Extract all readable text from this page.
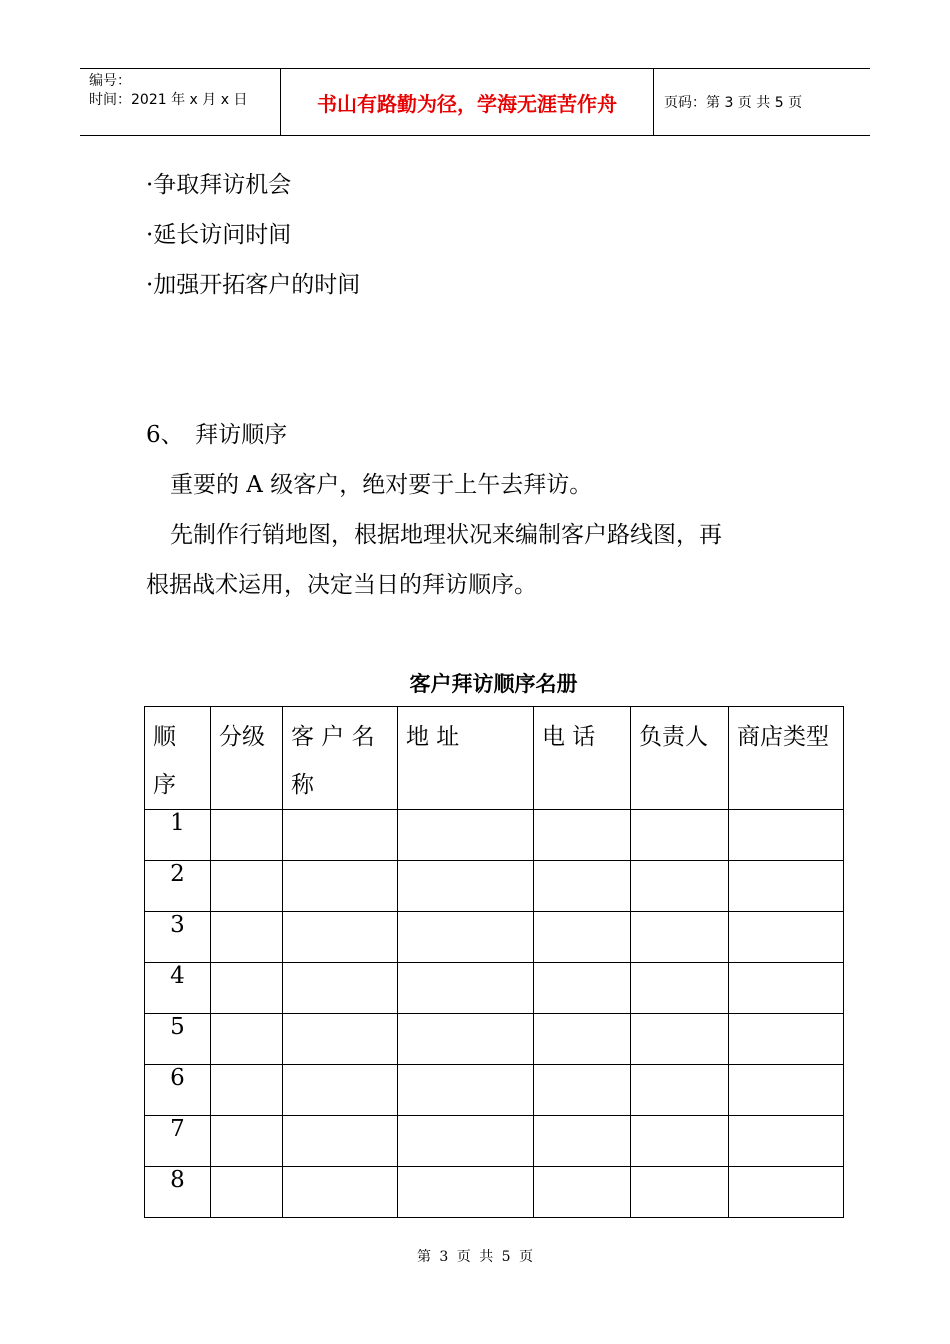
编号：
时间：2021 年 x 月 x 日	书山有路勤为径，学海无涯苦作舟	页码：第 3 页 共 5 页
·争取拜访机会
·延长访问时间
·加强开拓客户的时间
6、　拜访顺序
重要的 A 级客户，绝对要于上午去拜访。
先制作行销地图，根据地理状况来编制客户路线图，再
根据战术运用，决定当日的拜访顺序。
客户拜访顺序名册
顺 序	分级	客 户 名 称	地 址	电 话	负责人	商店类型
1						
2						
3						
4						
5						
6						
7						
8						
第 3 页 共 5 页
